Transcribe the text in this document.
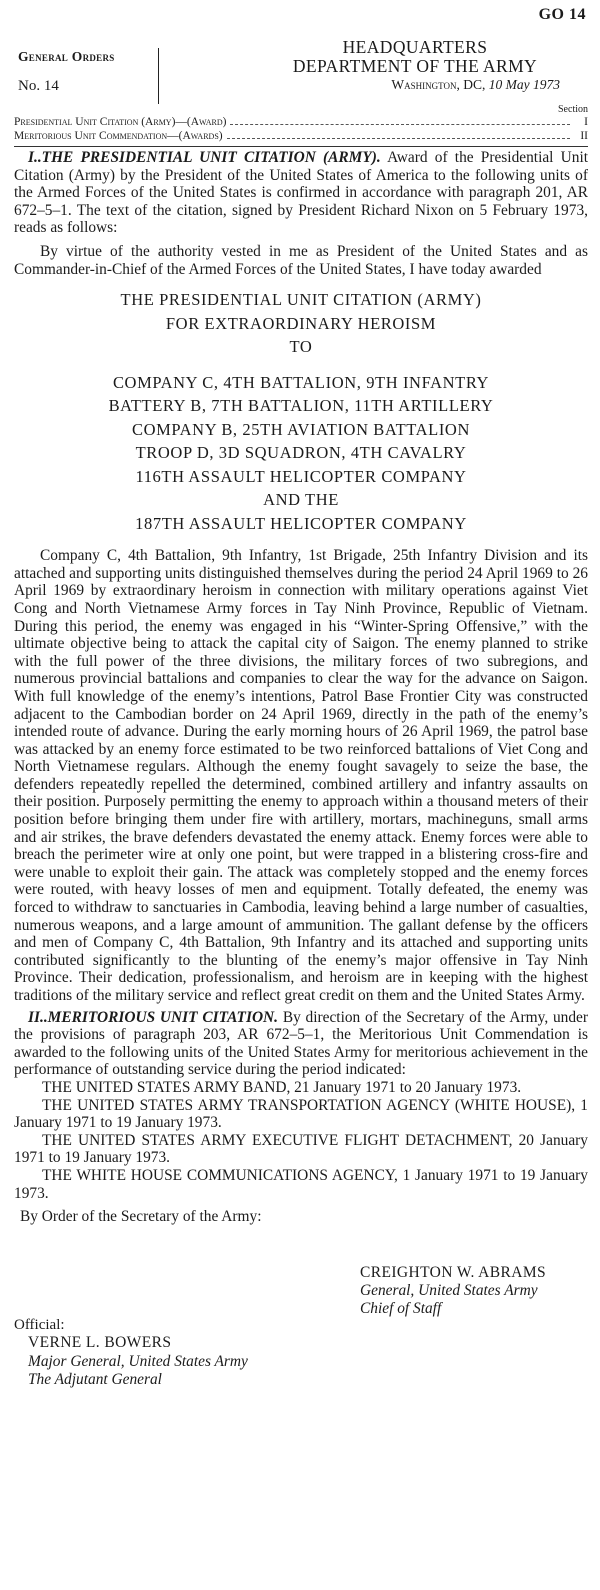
GO 14
General Orders
No. 14
HEADQUARTERS
DEPARTMENT OF THE ARMY
Washington, DC, 10 May 1973
Section
Presidential Unit Citation (Army)—(Award)	I
Meritorious Unit Commendation—(Awards)	II

I..THE PRESIDENTIAL UNIT CITATION (ARMY). Award of the Presidential Unit Citation (Army) by the President of the United States of America to the following units of the Armed Forces of the United States is confirmed in accordance with paragraph 201, AR 672–5–1. The text of the citation, signed by President Richard Nixon on 5 February 1973, reads as follows:

By virtue of the authority vested in me as President of the United States and as Commander-in-Chief of the Armed Forces of the United States, I have today awarded

THE PRESIDENTIAL UNIT CITATION (ARMY)
FOR EXTRAORDINARY HEROISM
TO
COMPANY C, 4TH BATTALION, 9TH INFANTRY
BATTERY B, 7TH BATTALION, 11TH ARTILLERY
COMPANY B, 25TH AVIATION BATTALION
TROOP D, 3D SQUADRON, 4TH CAVALRY
116TH ASSAULT HELICOPTER COMPANY
AND THE
187TH ASSAULT HELICOPTER COMPANY

Company C, 4th Battalion, 9th Infantry, 1st Brigade, 25th Infantry Division and its attached and supporting units distinguished themselves during the period 24 April 1969 to 26 April 1969 by extraordinary heroism in connection with military operations against Viet Cong and North Vietnamese Army forces in Tay Ninh Province, Republic of Vietnam. During this period, the enemy was engaged in his “Winter-Spring Offensive,” with the ultimate objective being to attack the capital city of Saigon. The enemy planned to strike with the full power of the three divisions, the military forces of two subregions, and numerous provincial battalions and companies to clear the way for the advance on Saigon. With full knowledge of the enemy’s intentions, Patrol Base Frontier City was constructed adjacent to the Cambodian border on 24 April 1969, directly in the path of the enemy’s intended route of advance. During the early morning hours of 26 April 1969, the patrol base was attacked by an enemy force estimated to be two reinforced battalions of Viet Cong and North Vietnamese regulars. Although the enemy fought savagely to seize the base, the defenders repeatedly repelled the determined, combined artillery and infantry assaults on their position. Purposely permitting the enemy to approach within a thousand meters of their position before bringing them under fire with artillery, mortars, machineguns, small arms and air strikes, the brave defenders devastated the enemy attack. Enemy forces were able to breach the perimeter wire at only one point, but were trapped in a blistering cross-fire and were unable to exploit their gain. The attack was completely stopped and the enemy forces were routed, with heavy losses of men and equipment. Totally defeated, the enemy was forced to withdraw to sanctuaries in Cambodia, leaving behind a large number of casualties, numerous weapons, and a large amount of ammunition. The gallant defense by the officers and men of Company C, 4th Battalion, 9th Infantry and its attached and supporting units contributed significantly to the blunting of the enemy’s major offensive in Tay Ninh Province. Their dedication, professionalism, and heroism are in keeping with the highest traditions of the military service and reflect great credit on them and the United States Army.

II..MERITORIOUS UNIT CITATION. By direction of the Secretary of the Army, under the provisions of paragraph 203, AR 672–5–1, the Meritorious Unit Commendation is awarded to the following units of the United States Army for meritorious achievement in the performance of outstanding service during the period indicated:

THE UNITED STATES ARMY BAND, 21 January 1971 to 20 January 1973.

THE UNITED STATES ARMY TRANSPORTATION AGENCY (WHITE HOUSE), 1 January 1971 to 19 January 1973.

THE UNITED STATES ARMY EXECUTIVE FLIGHT DETACHMENT, 20 January 1971 to 19 January 1973.

THE WHITE HOUSE COMMUNICATIONS AGENCY, 1 January 1971 to 19 January 1973.

By Order of the Secretary of the Army:

CREIGHTON W. ABRAMS
General, United States Army
Chief of Staff
Official:
VERNE L. BOWERS
Major General, United States Army
The Adjutant General
